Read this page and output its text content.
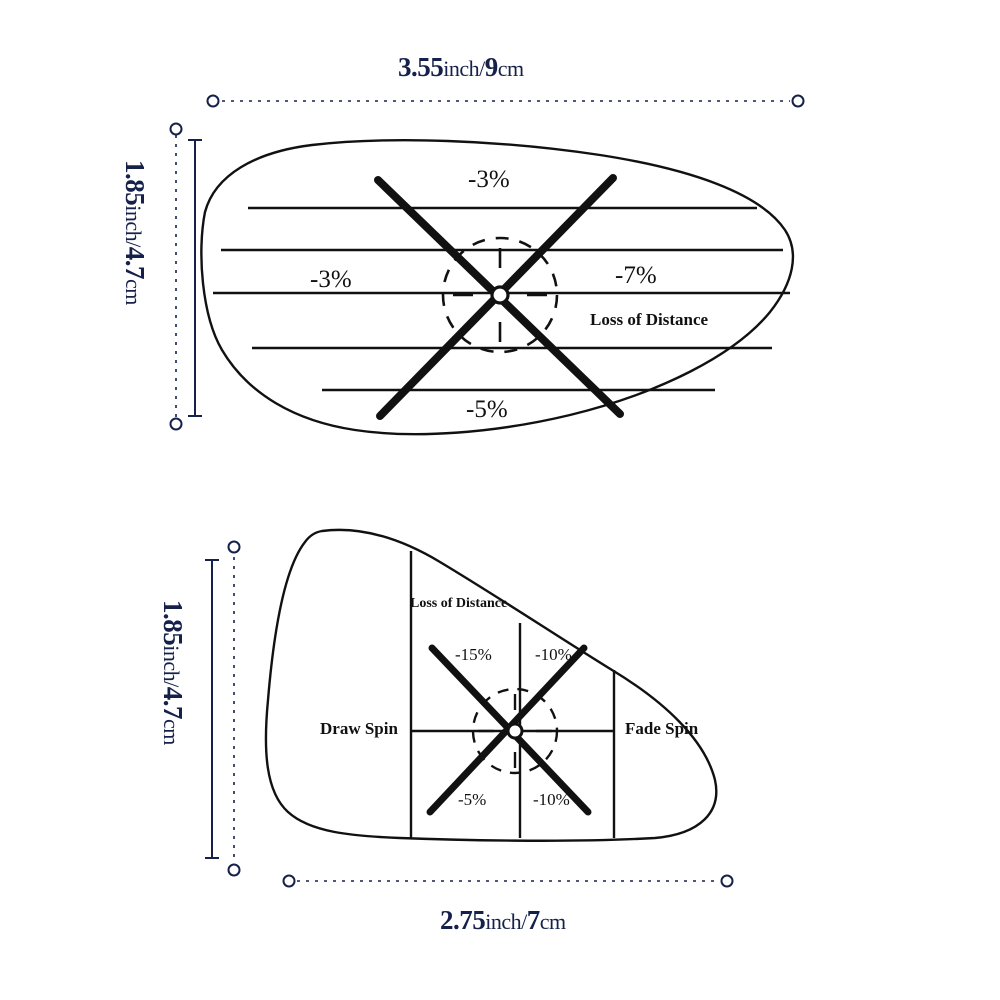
-3%
-3%	-7%
-5%
Loss of Distance
Loss of Distance
-15%	-10%
-5%	-10%
Draw Spin	Fade Spin
3.55inch/9cm
1.85inch/4.7cm
1.85inch/4.7cm
2.75inch/7cm
